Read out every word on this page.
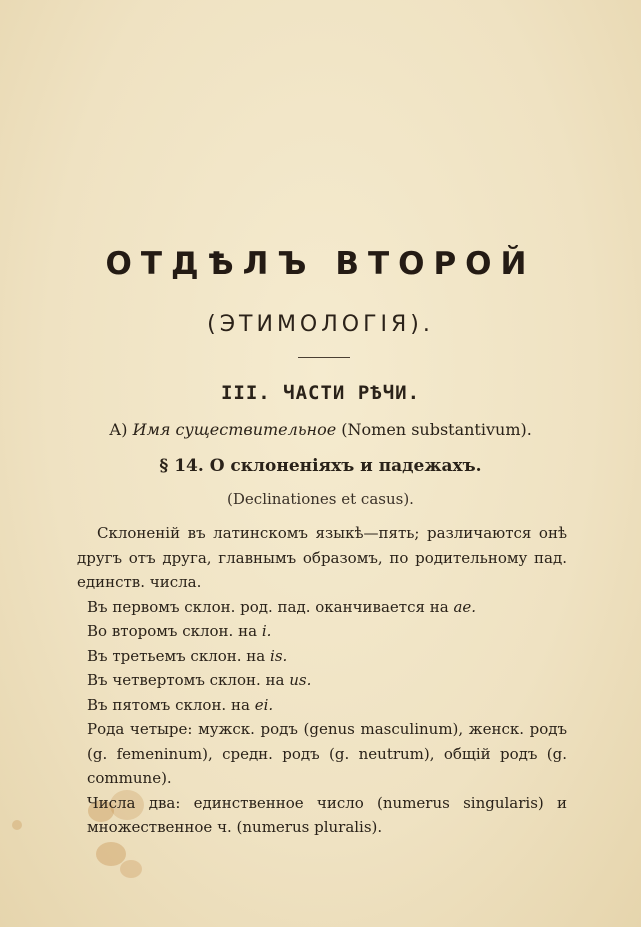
ОТДѢЛЪ ВТОРОЙ
(ЭТИМОЛОГІЯ).
III. ЧАСТИ РѢЧИ.
А) Имя существительное (Nomen substantivum).
§ 14. О склоненіяхъ и падежахъ.
(Declinationes et casus).

Склоненій въ латинскомъ языкѣ—пять; различаются онѣ другъ отъ друга, главнымъ образомъ, по родительному пад. единств. числа.

Въ первомъ склон. род. пад. оканчивается на ae.

Во второмъ склон. на i.

Въ третьемъ склон. на is.

Въ четвертомъ склон. на us.

Въ пятомъ склон. на ei.

Рода четыре: мужск. родъ (genus masculinum), женск. родъ (g. femeninum), средн. родъ (g. neutrum), общій родъ (g. commune).

Числа два: единственное число (numerus singularis) и множественное ч. (numerus pluralis).
